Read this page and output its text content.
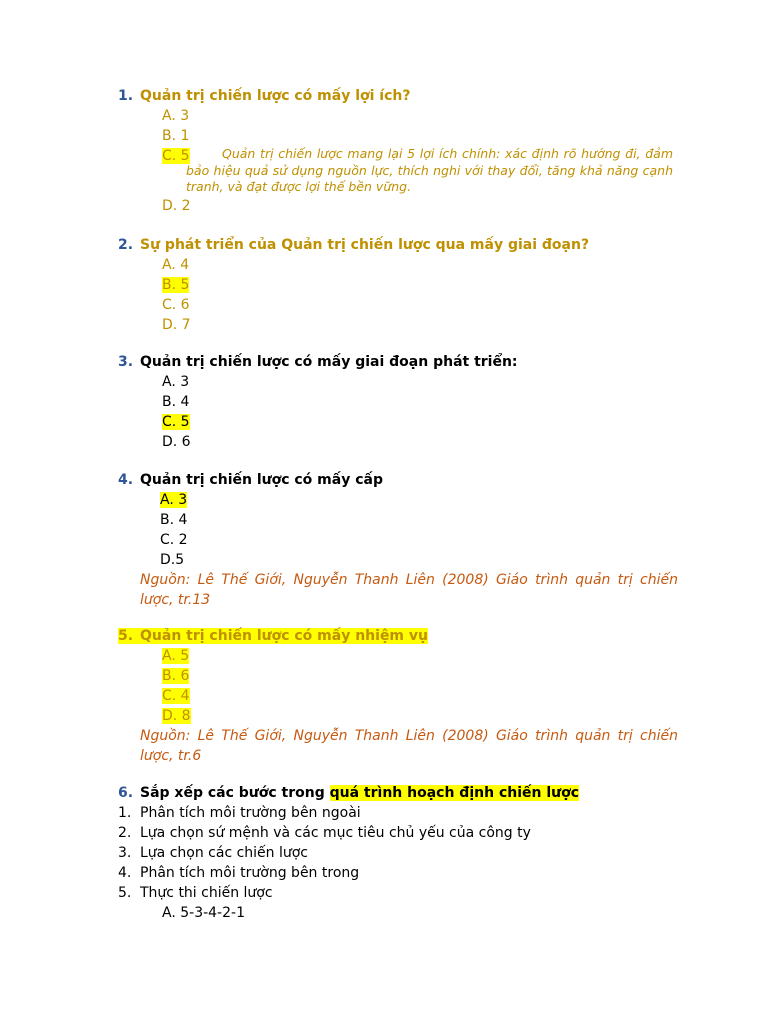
1. Quản trị chiến lược có mấy lợi ích?
A. 3
B. 1
C. 5	Quản trị chiến lược mang lại 5 lợi ích chính: xác định rõ hướng đi, đảm bảo hiệu quả sử dụng nguồn lực, thích nghi với thay đổi, tăng khả năng cạnh tranh, và đạt được lợi thế bền vững.
D. 2
2. Sự phát triển của Quản trị chiến lược qua mấy giai đoạn?
A. 4
B. 5
C. 6
D. 7
3. Quản trị chiến lược có mấy giai đoạn phát triển:
A. 3
B. 4
C. 5
D. 6
4. Quản trị chiến lược có mấy cấp
A. 3
B. 4
C. 2
D.5
Nguồn: Lê Thế Giới, Nguyễn Thanh Liên (2008) Giáo trình quản trị chiến lược, tr.13
5. Quản trị chiến lược có mấy nhiệm vụ
A. 5
B. 6
C. 4
D. 8
Nguồn: Lê Thế Giới, Nguyễn Thanh Liên (2008) Giáo trình quản trị chiến lược, tr.6
6. Sắp xếp các bước trong quá trình hoạch định chiến lược
1. Phân tích môi trường bên ngoài
2. Lựa chọn sứ mệnh và các mục tiêu chủ yếu của công ty
3. Lựa chọn các chiến lược
4. Phân tích môi trường bên trong
5. Thực thi chiến lược
A. 5-3-4-2-1
